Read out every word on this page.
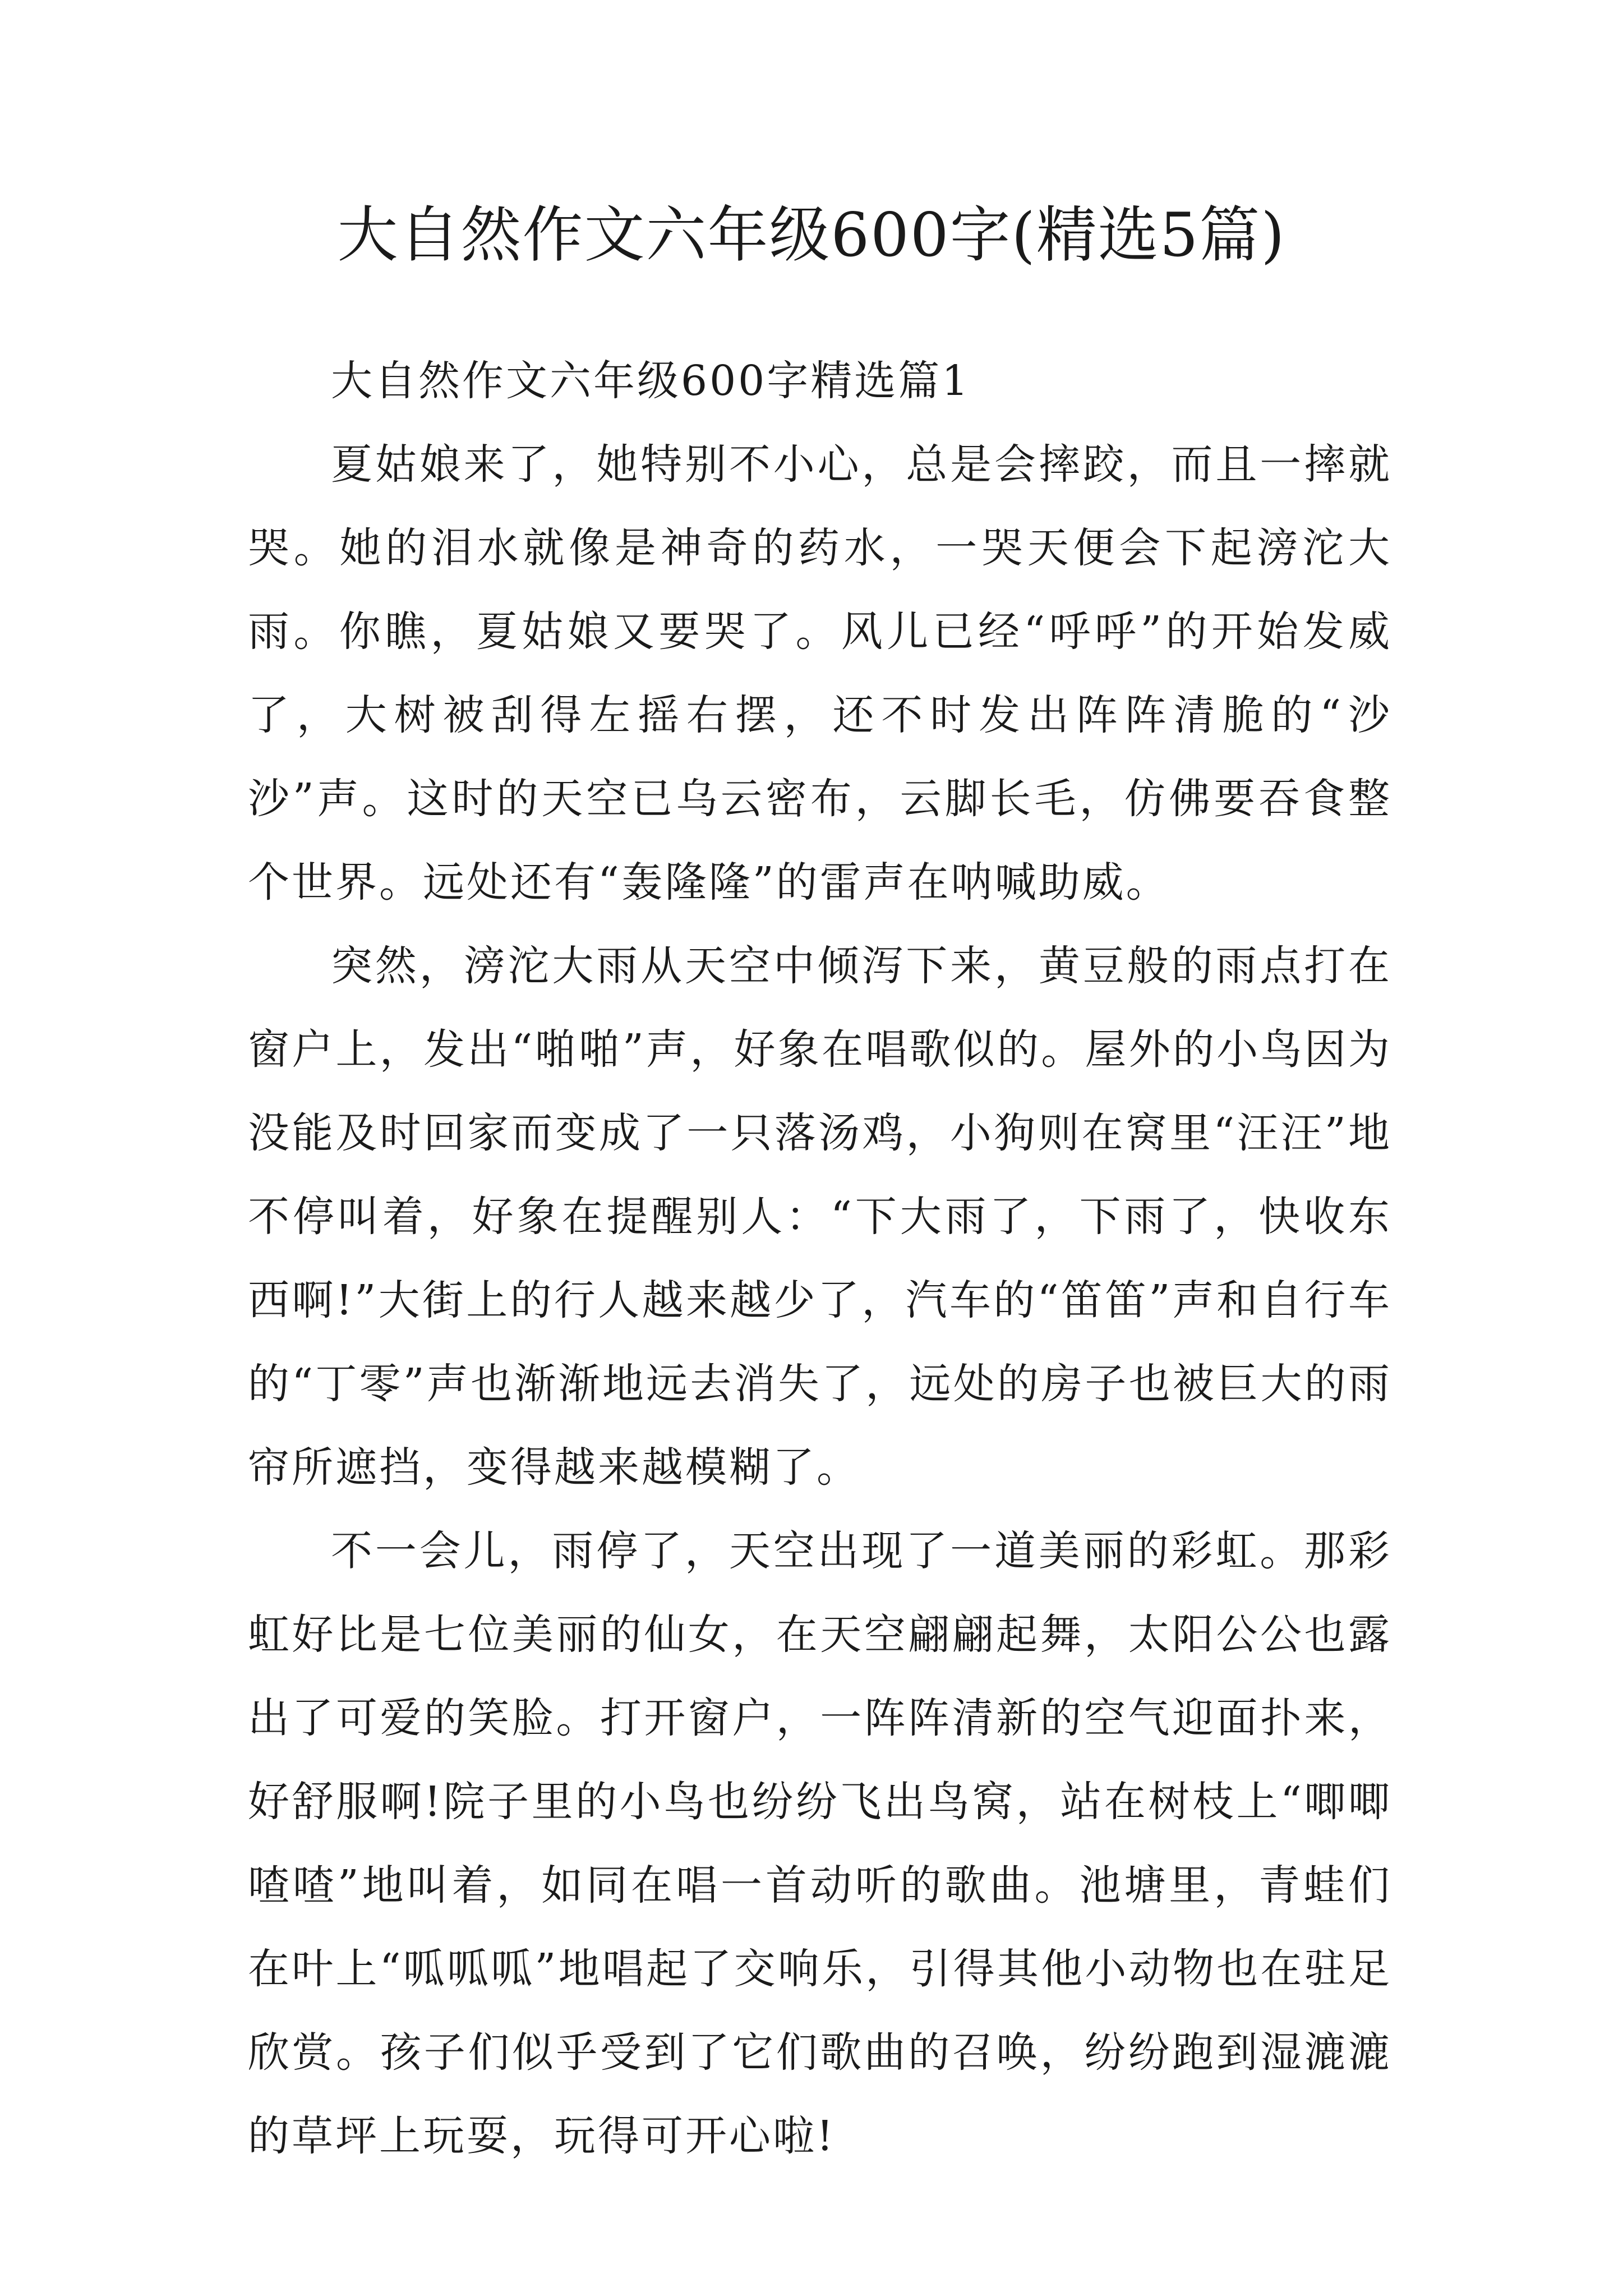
大自然作文六年级600字(精选5篇)

大自然作文六年级600字精选篇1

夏姑娘来了，她特别不小心，总是会摔跤，而且一摔就哭。她的泪水就像是神奇的药水，一哭天便会下起滂沱大雨。你瞧，夏姑娘又要哭了。风儿已经“呼呼”的开始发威了，大树被刮得左摇右摆，还不时发出阵阵清脆的“沙沙”声。这时的天空已乌云密布，云脚长毛，仿佛要吞食整个世界。远处还有“轰隆隆”的雷声在呐喊助威。

突然，滂沱大雨从天空中倾泻下来，黄豆般的雨点打在窗户上，发出“啪啪”声，好象在唱歌似的。屋外的小鸟因为没能及时回家而变成了一只落汤鸡，小狗则在窝里“汪汪”地不停叫着，好象在提醒别人：“下大雨了，下雨了，快收东西啊!”大街上的行人越来越少了，汽车的“笛笛”声和自行车的“丁零”声也渐渐地远去消失了，远处的房子也被巨大的雨帘所遮挡，变得越来越模糊了。

不一会儿，雨停了，天空出现了一道美丽的彩虹。那彩虹好比是七位美丽的仙女，在天空翩翩起舞，太阳公公也露出了可爱的笑脸。打开窗户，一阵阵清新的空气迎面扑来，好舒服啊!院子里的小鸟也纷纷飞出鸟窝，站在树枝上“唧唧喳喳”地叫着，如同在唱一首动听的歌曲。池塘里，青蛙们在叶上“呱呱呱”地唱起了交响乐，引得其他小动物也在驻足欣赏。孩子们似乎受到了它们歌曲的召唤，纷纷跑到湿漉漉的草坪上玩耍，玩得可开心啦!
